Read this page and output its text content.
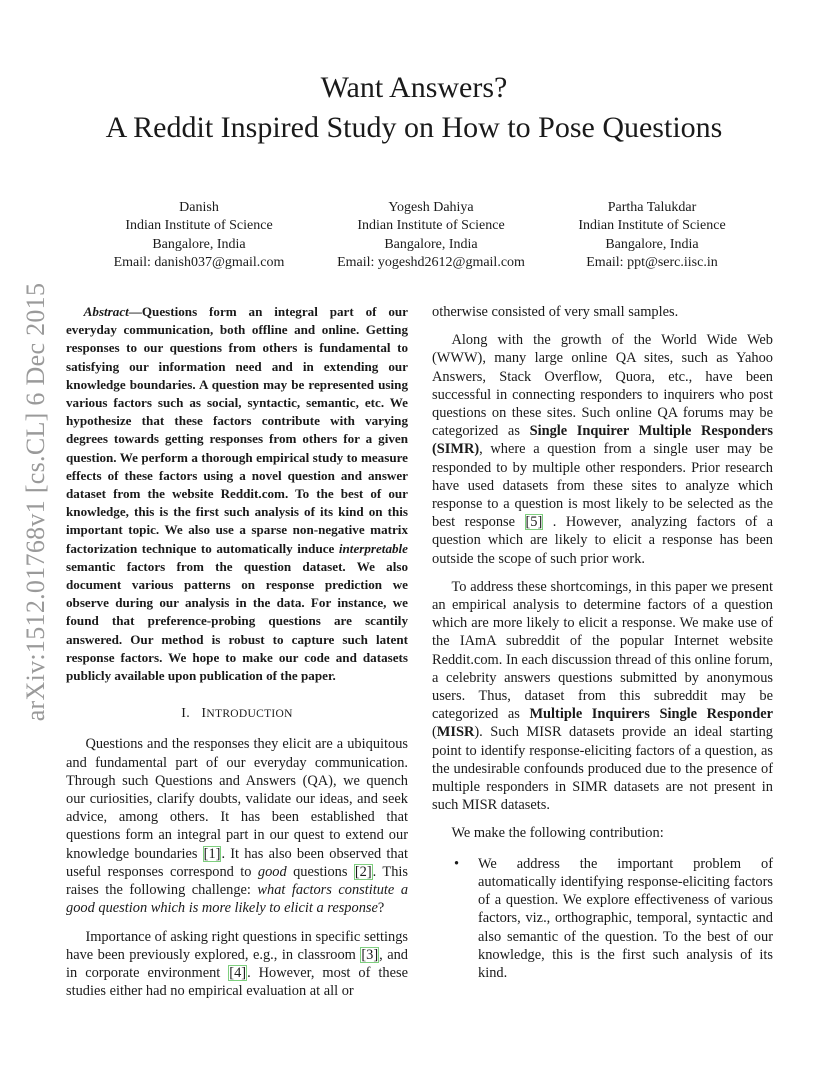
arXiv:1512.01768v1 [cs.CL] 6 Dec 2015
Want Answers?
A Reddit Inspired Study on How to Pose Questions
Danish
Indian Institute of Science
Bangalore, India
Email: danish037@gmail.com
Yogesh Dahiya
Indian Institute of Science
Bangalore, India
Email: yogeshd2612@gmail.com
Partha Talukdar
Indian Institute of Science
Bangalore, India
Email: ppt@serc.iisc.in

Abstract—Questions form an integral part of our everyday communication, both offline and online. Getting responses to our questions from others is fundamental to satisfying our information need and in extending our knowledge boundaries. A question may be represented using various factors such as social, syntactic, semantic, etc. We hypothesize that these factors contribute with varying degrees towards getting responses from others for a given question. We perform a thorough empirical study to measure effects of these factors using a novel question and answer dataset from the website Reddit.com. To the best of our knowledge, this is the first such analysis of its kind on this important topic. We also use a sparse non-negative matrix factorization technique to automatically induce interpretable semantic factors from the question dataset. We also document various patterns on response prediction we observe during our analysis in the data. For instance, we found that preference-probing questions are scantily answered. Our method is robust to capture such latent response factors. We hope to make our code and datasets publicly available upon publication of the paper.

I. INTRODUCTION

Questions and the responses they elicit are a ubiquitous and fundamental part of our everyday communication. Through such Questions and Answers (QA), we quench our curiosities, clarify doubts, validate our ideas, and seek advice, among others. It has been established that questions form an integral part in our quest to extend our knowledge boundaries [1]. It has also been observed that useful responses correspond to good questions [2]. This raises the following challenge: what factors constitute a good question which is more likely to elicit a response?

Importance of asking right questions in specific settings have been previously explored, e.g., in classroom [3], and in corporate environment [4]. However, most of these studies either had no empirical evaluation at all or

otherwise consisted of very small samples.

Along with the growth of the World Wide Web (WWW), many large online QA sites, such as Yahoo Answers, Stack Overflow, Quora, etc., have been successful in connecting responders to inquirers who post questions on these sites. Such online QA forums may be categorized as Single Inquirer Multiple Responders (SIMR), where a question from a single user may be responded to by multiple other responders. Prior research have used datasets from these sites to analyze which response to a question is most likely to be selected as the best response [5] . However, analyzing factors of a question which are likely to elicit a response has been outside the scope of such prior work.

To address these shortcomings, in this paper we present an empirical analysis to determine factors of a question which are more likely to elicit a response. We make use of the IAmA subreddit of the popular Internet website Reddit.com. In each discussion thread of this online forum, a celebrity answers questions submitted by anonymous users. Thus, dataset from this subreddit may be categorized as Multiple Inquirers Single Responder (MISR). Such MISR datasets provide an ideal starting point to identify response-eliciting factors of a question, as the undesirable confounds produced due to the presence of multiple responders in SIMR datasets are not present in such MISR datasets.

We make the following contribution:

• We address the important problem of automatically identifying response-eliciting factors of a question. We explore effectiveness of various factors, viz., orthographic, temporal, syntactic and also semantic of the question. To the best of our knowledge, this is the first such analysis of its kind.
